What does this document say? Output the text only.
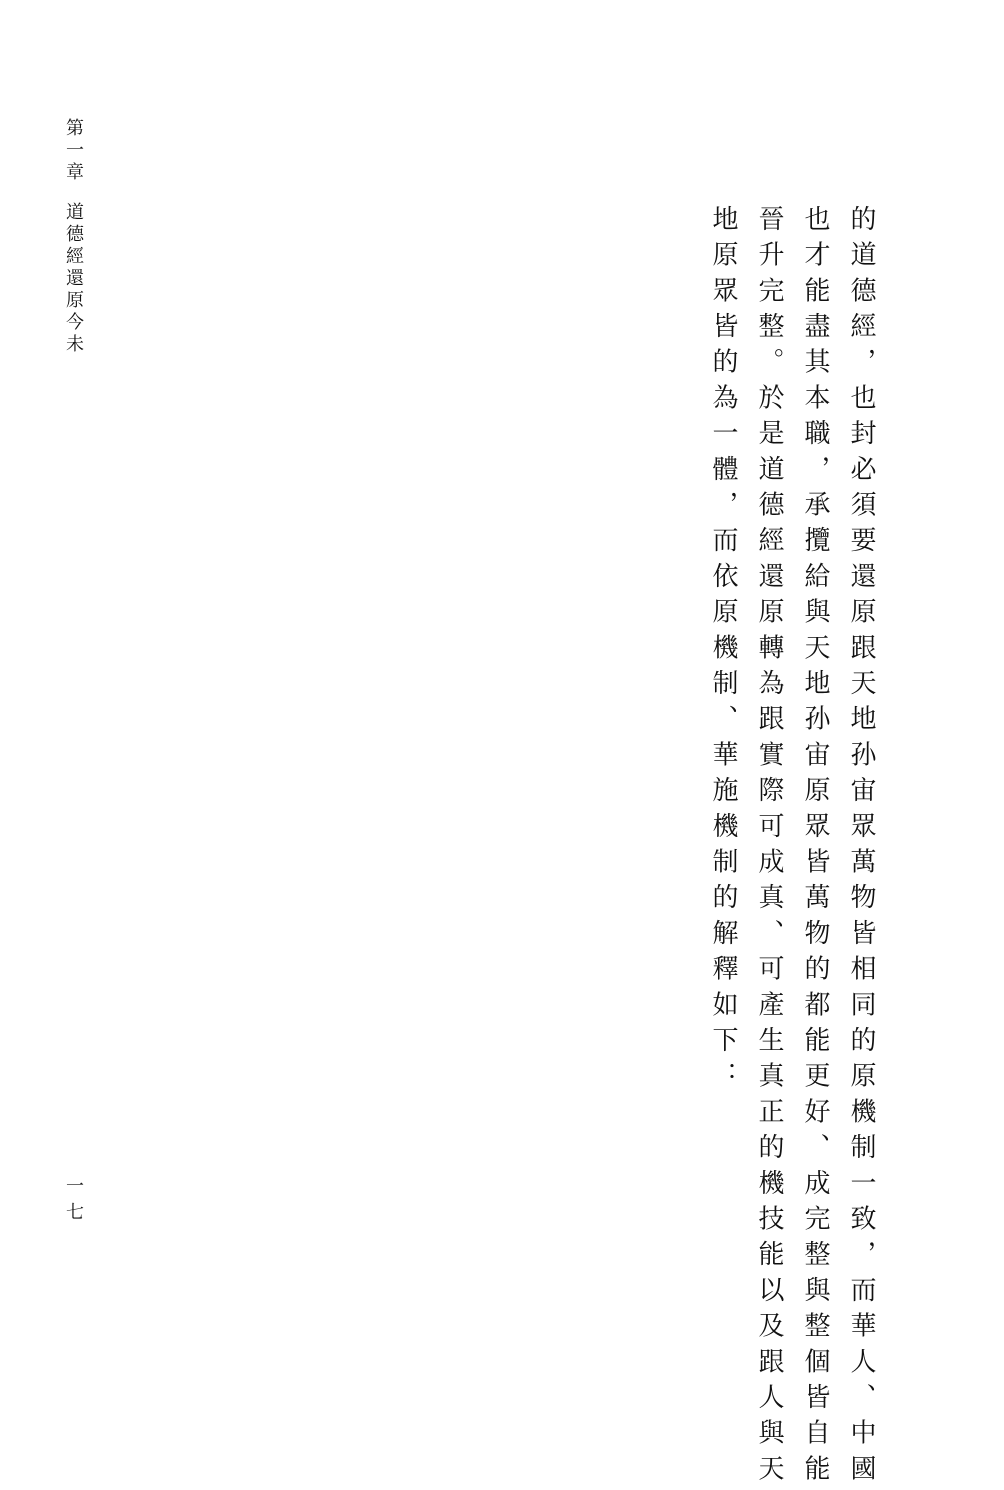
第一章
道德經還原今未
一七	的道德經，也封必須要還原跟天地孙宙眾萬物皆相同的原機制一致，而華人、中國
也才能盡其本職，承攬給與天地孙宙原眾皆萬物的都能更好、成完整與整個皆自能
晉升完整。於是道德經還原轉為跟實際可成真、可產生真正的機技能以及跟人與天
地原眾皆的為一體，而依原機制、華施機制的解釋如下：
